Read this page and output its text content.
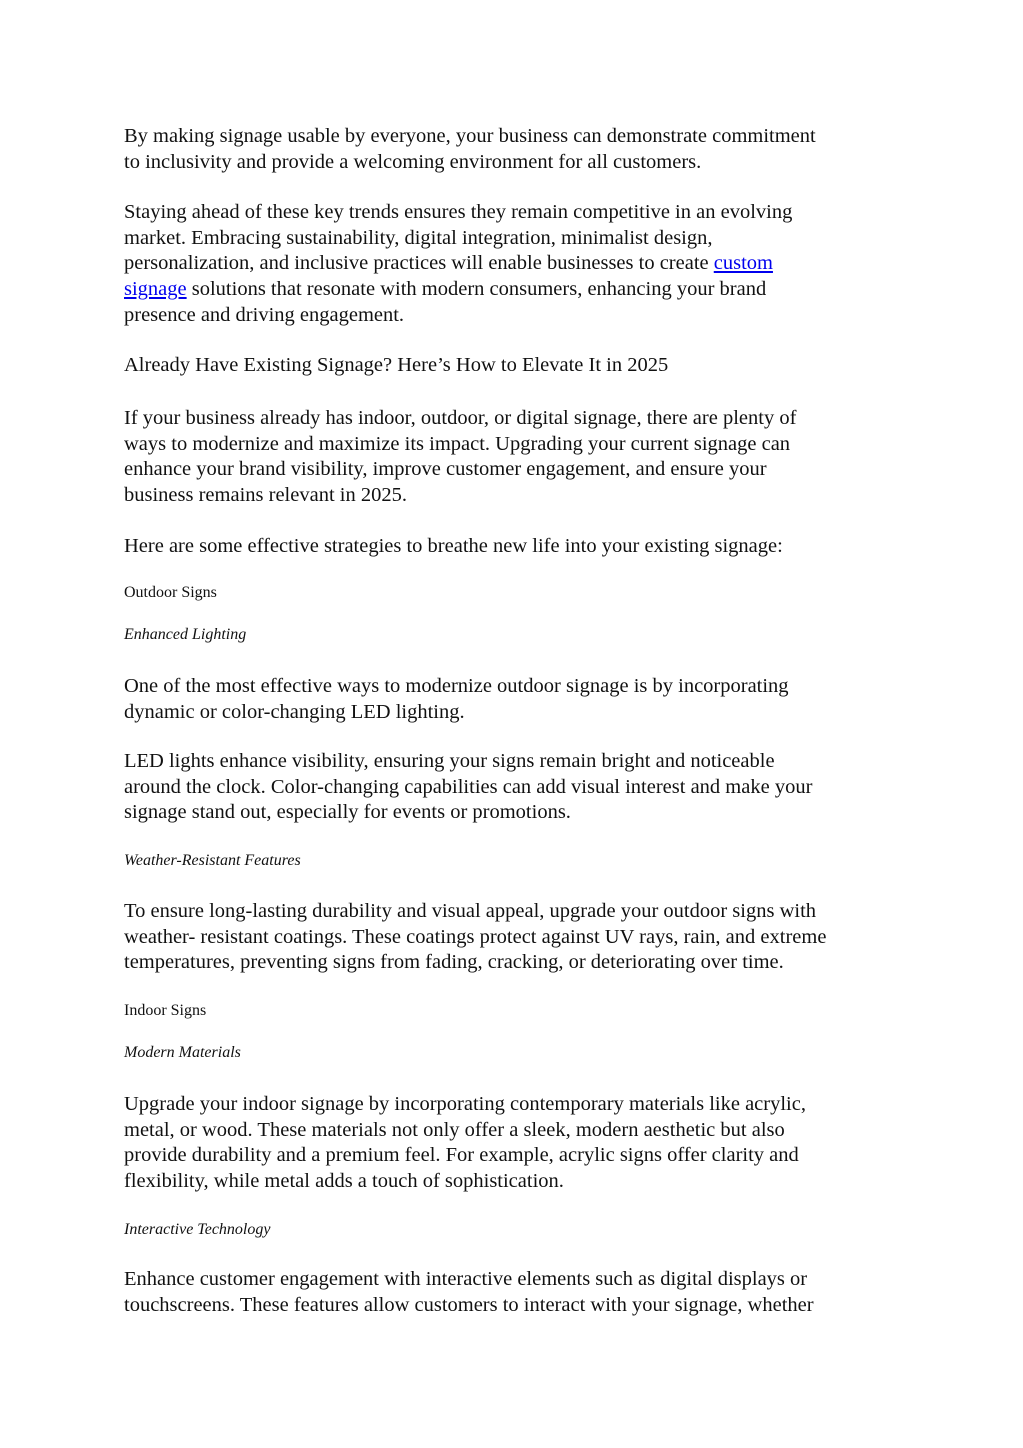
By making signage usable by everyone, your business can demonstrate commitment
to inclusivity and provide a welcoming environment for all customers.

Staying ahead of these key trends ensures they remain competitive in an evolving
market. Embracing sustainability, digital integration, minimalist design,
personalization, and inclusive practices will enable businesses to create custom
signage solutions that resonate with modern consumers, enhancing your brand
presence and driving engagement.

Already Have Existing Signage? Here’s How to Elevate It in 2025

If your business already has indoor, outdoor, or digital signage, there are plenty of
ways to modernize and maximize its impact. Upgrading your current signage can
enhance your brand visibility, improve customer engagement, and ensure your
business remains relevant in 2025.

Here are some effective strategies to breathe new life into your existing signage:

Outdoor Signs

Enhanced Lighting

One of the most effective ways to modernize outdoor signage is by incorporating
dynamic or color-changing LED lighting.

LED lights enhance visibility, ensuring your signs remain bright and noticeable
around the clock. Color-changing capabilities can add visual interest and make your
signage stand out, especially for events or promotions.

Weather-Resistant Features

To ensure long-lasting durability and visual appeal, upgrade your outdoor signs with
weather- resistant coatings. These coatings protect against UV rays, rain, and extreme
temperatures, preventing signs from fading, cracking, or deteriorating over time.

Indoor Signs

Modern Materials

Upgrade your indoor signage by incorporating contemporary materials like acrylic,
metal, or wood. These materials not only offer a sleek, modern aesthetic but also
provide durability and a premium feel. For example, acrylic signs offer clarity and
flexibility, while metal adds a touch of sophistication.

Interactive Technology

Enhance customer engagement with interactive elements such as digital displays or
touchscreens. These features allow customers to interact with your signage, whether
